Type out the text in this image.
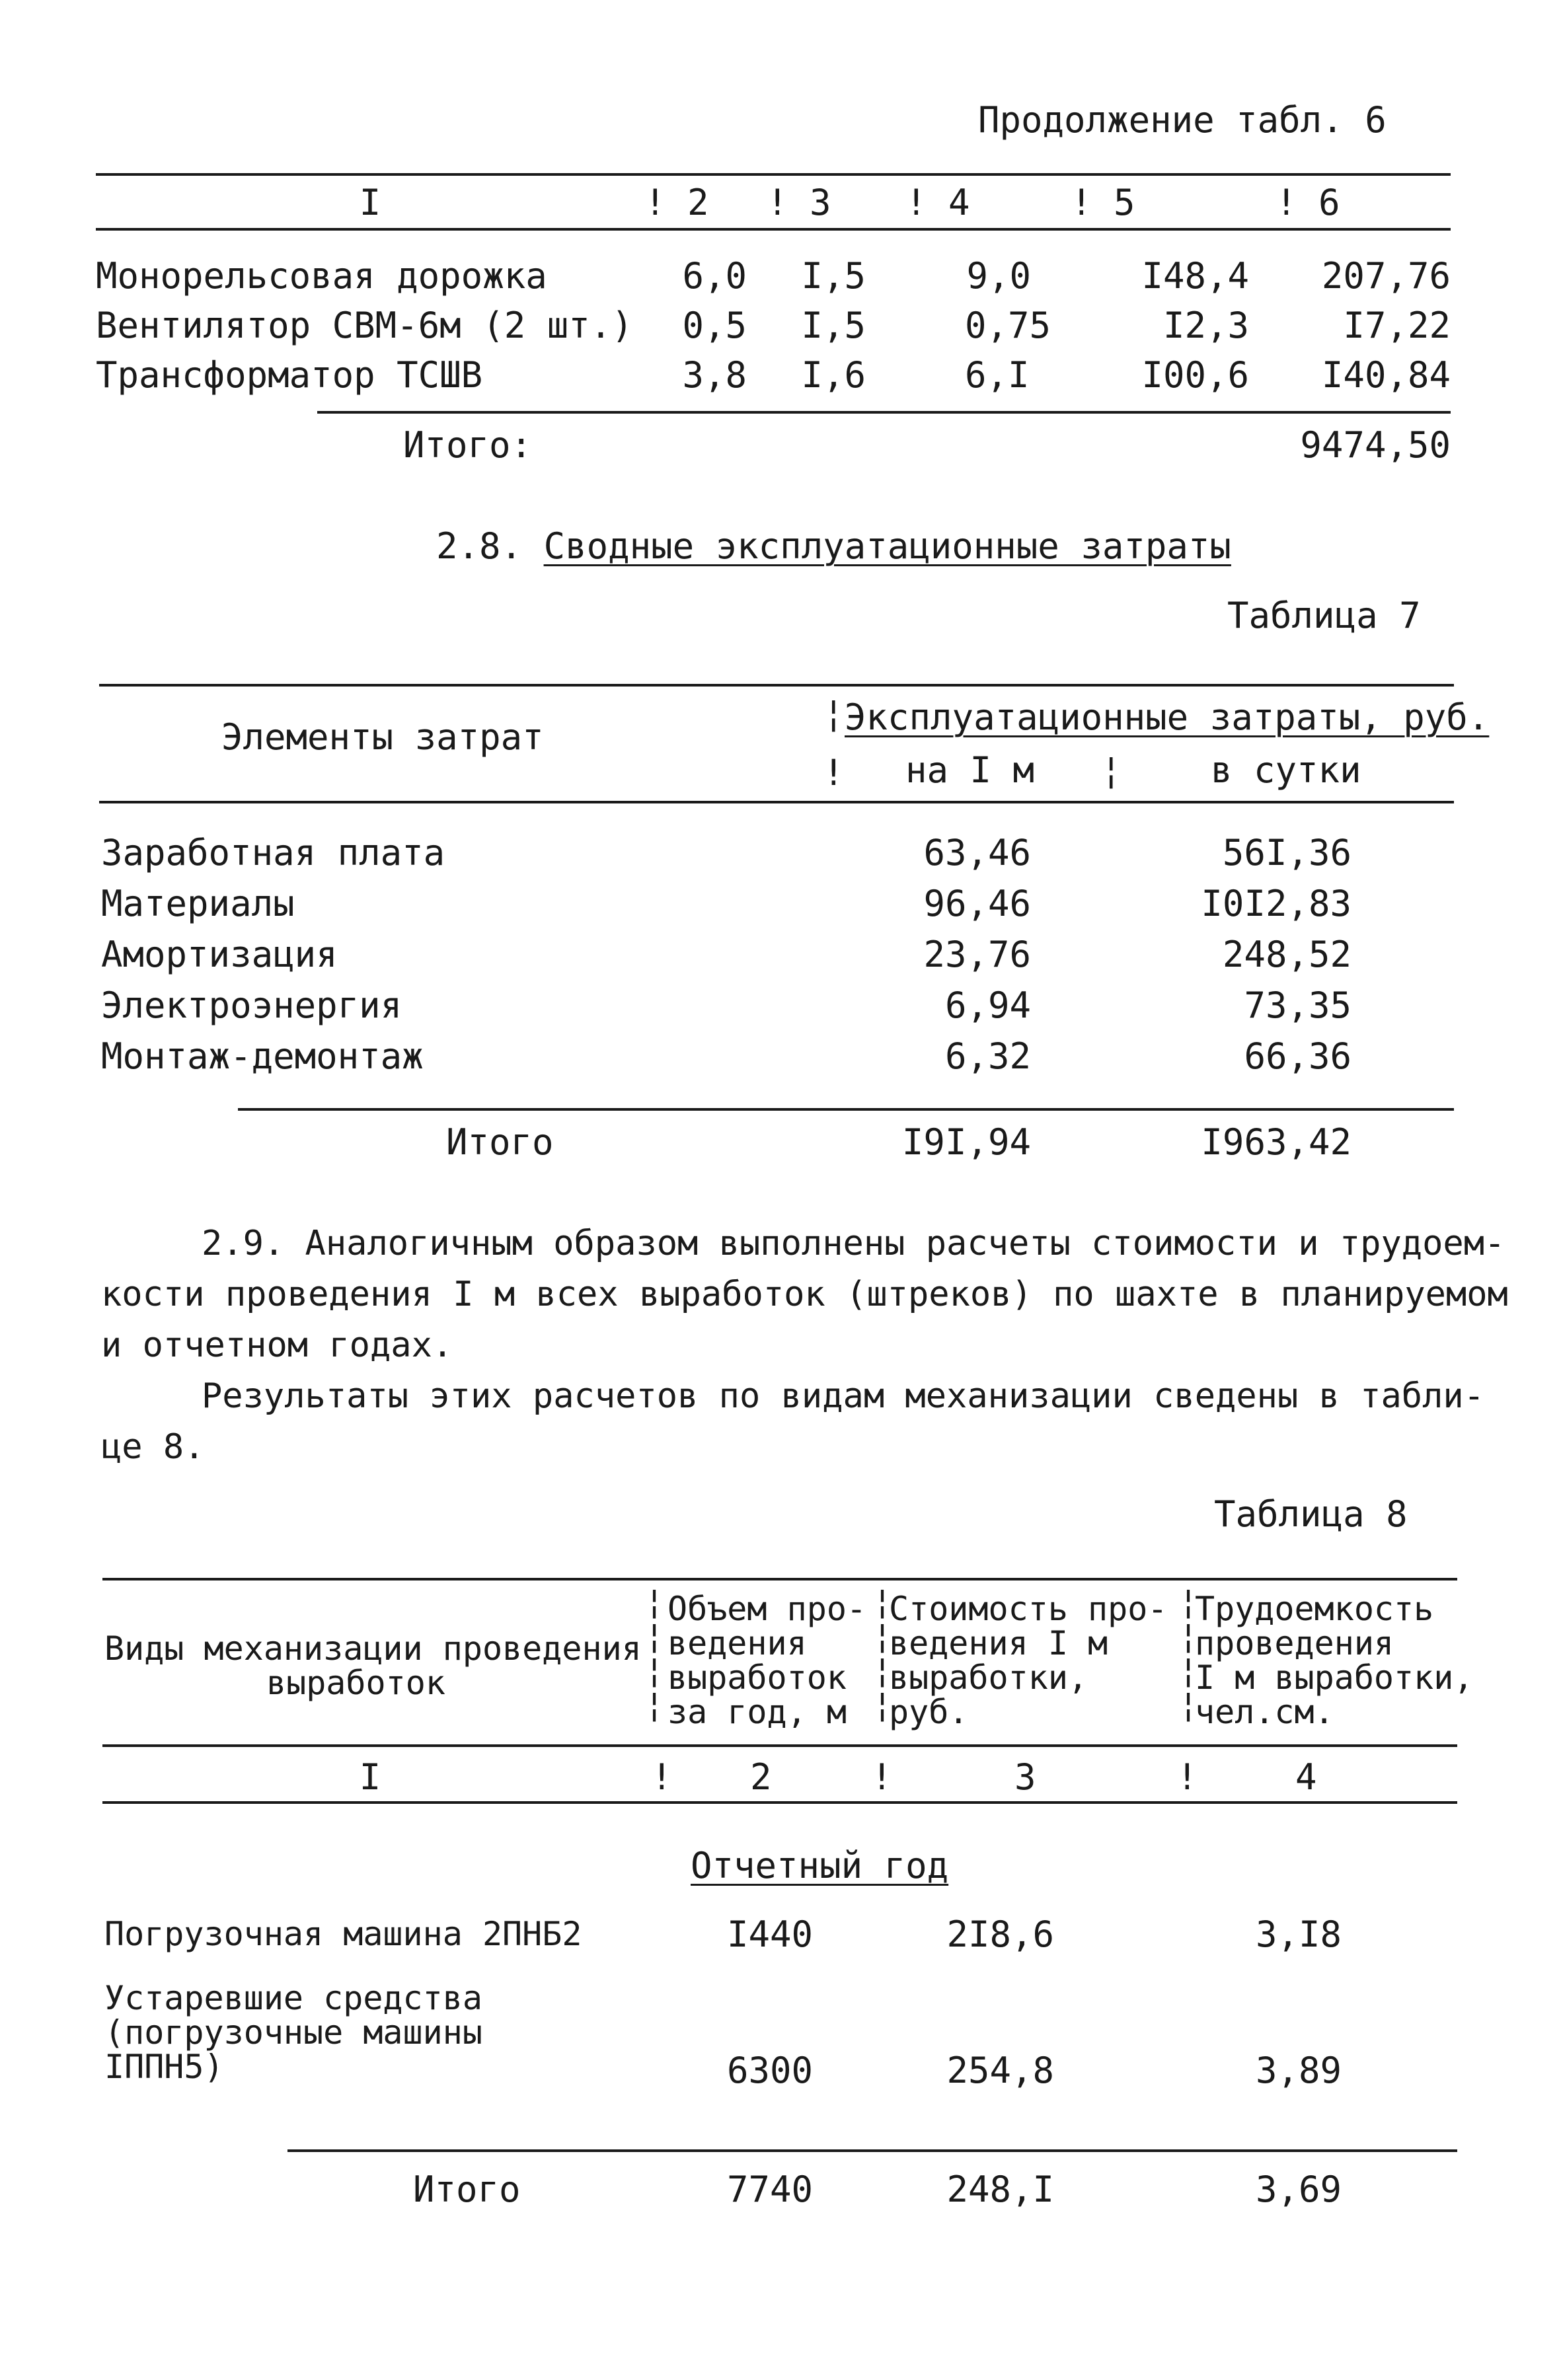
Продолжение табл. 6
I	! 2 ! 3 ! 4	! 5	! 6
Монорельсовая дорожка	6,0	I,5	9,0	I48,4	207,76
Вентилятор СВМ-6м (2 шт.)	0,5	I,5	0,75	I2,3	I7,22
Трансформатор ТСШВ	3,8	I,6	6,I	I00,6	I40,84
Итого:	9474,50
2.8. Сводные эксплуатационные затраты
Таблица 7
Элементы затрат
¦ Эксплуатационные затраты, руб.
! на I м ¦ в сутки
Заработная плата	63,46	56I,36
Материалы	96,46	I0I2,83
Амортизация	23,76	248,52
Электроэнергия	6,94	73,35
Монтаж-демонтаж	6,32	66,36
Итого	I9I,94	I963,42
2.9. Аналогичным образом выполнены расчеты стоимости и трудоем-
кости проведения I м всех выработок (штреков) по шахте в планируемом
и отчетном годах.
Результаты этих расчетов по видам механизации сведены в табли-
це 8.
Таблица 8
Виды механизации проведения
выработок
¦
¦
¦
¦
Объем про-
ведения
выработок
за год, м
¦
¦
¦
¦
Стоимость про-
ведения I м
выработки,
руб.
¦
¦
¦
¦
Трудоемкость
проведения
I м выработки,
чел.см.
I	! 2	!	3	!	4
Отчетный год
Погрузочная машина 2ПНБ2	I440	2I8,6	3,I8
Устаревшие средства
(погрузочные машины
IППН5)	6300	254,8	3,89
Итого	7740	248,I	3,69
